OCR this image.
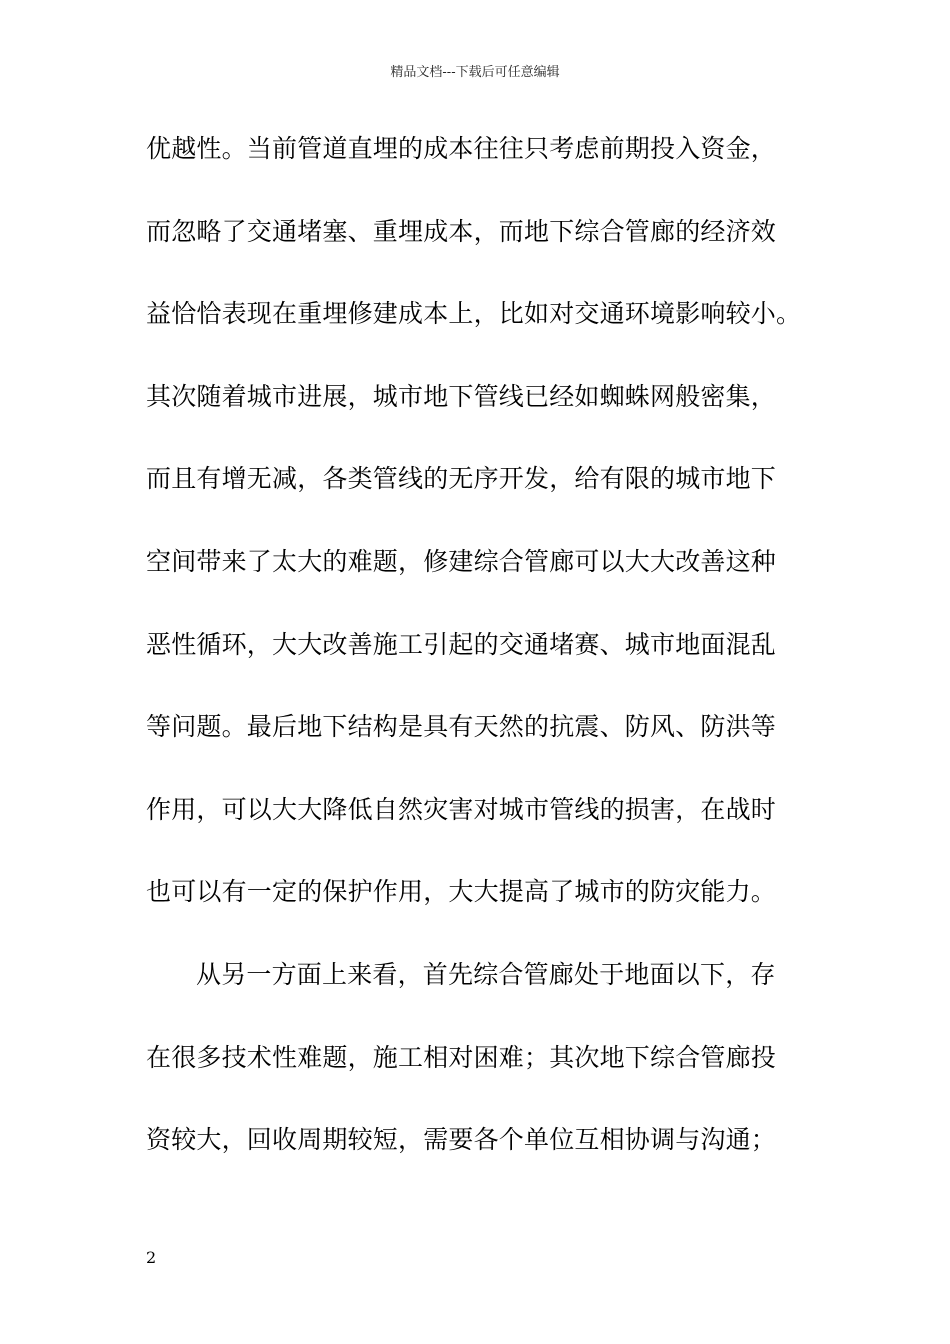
精品文档---下载后可任意编辑
优越性。当前管道直埋的成本往往只考虑前期投入资金，
而忽略了交通堵塞、重埋成本，而地下综合管廊的经济效
益恰恰表现在重埋修建成本上，比如对交通环境影响较小。
其次随着城市进展，城市地下管线已经如蜘蛛网般密集，
而且有增无减，各类管线的无序开发，给有限的城市地下
空间带来了太大的难题，修建综合管廊可以大大改善这种
恶性循环，大大改善施工引起的交通堵赛、城市地面混乱
等问题。最后地下结构是具有天然的抗震、防风、防洪等
作用，可以大大降低自然灾害对城市管线的损害，在战时
也可以有一定的保护作用，大大提高了城市的防灾能力。
从另一方面上来看，首先综合管廊处于地面以下，存
在很多技术性难题，施工相对困难；其次地下综合管廊投
资较大，回收周期较短，需要各个单位互相协调与沟通；
2
